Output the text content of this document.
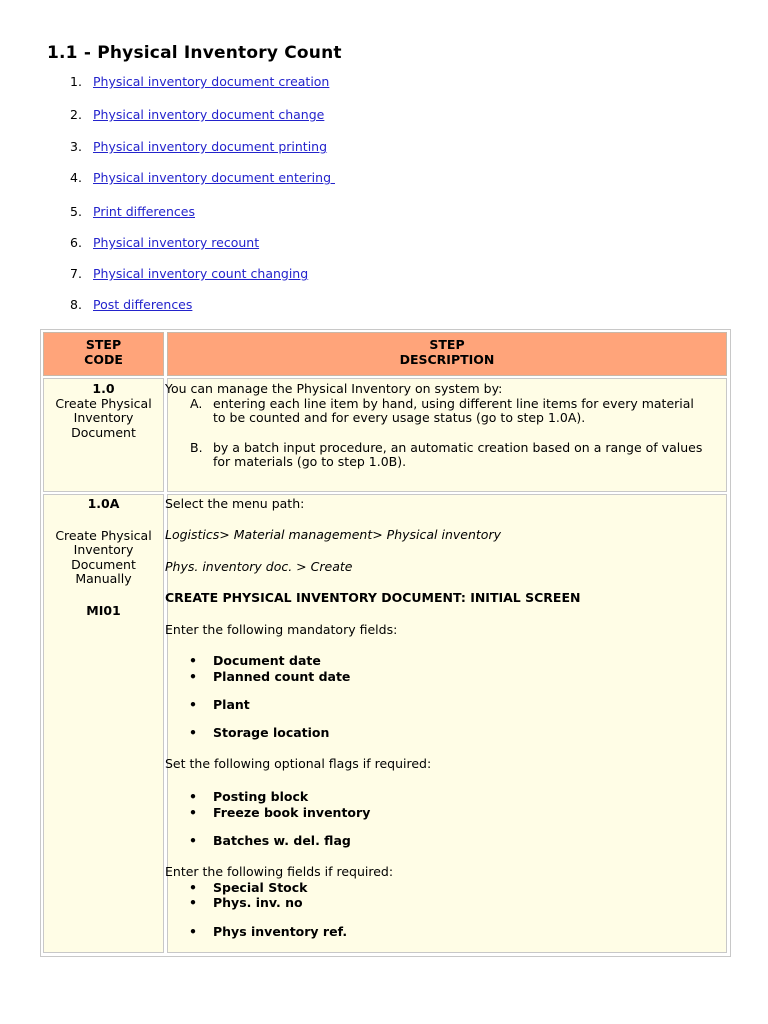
1.1 - Physical Inventory Count
1. Physical inventory document creation
2. Physical inventory document change
3. Physical inventory document printing
4. Physical inventory document entering
5. Print differences
6. Physical inventory recount
7. Physical inventory count changing
8. Post differences
STEP
CODE
STEP
DESCRIPTION
1.0
Create Physical
Inventory
Document
You can manage the Physical Inventory on system by:
A. entering each line item by hand, using different line items for every material
to be counted and for every usage status (go to step 1.0A).
B. by a batch input procedure, an automatic creation based on a range of values
for materials (go to step 1.0B).
1.0A
Create Physical
Inventory
Document
Manually
MI01
Select the menu path:
Logistics> Material management> Physical inventory
Phys. inventory doc. > Create
CREATE PHYSICAL INVENTORY DOCUMENT: INITIAL SCREEN
Enter the following mandatory fields:
• Document date
• Planned count date
• Plant
• Storage location
Set the following optional flags if required:
• Posting block
• Freeze book inventory
• Batches w. del. flag
Enter the following fields if required:
• Special Stock
• Phys. inv. no
• Phys inventory ref.
